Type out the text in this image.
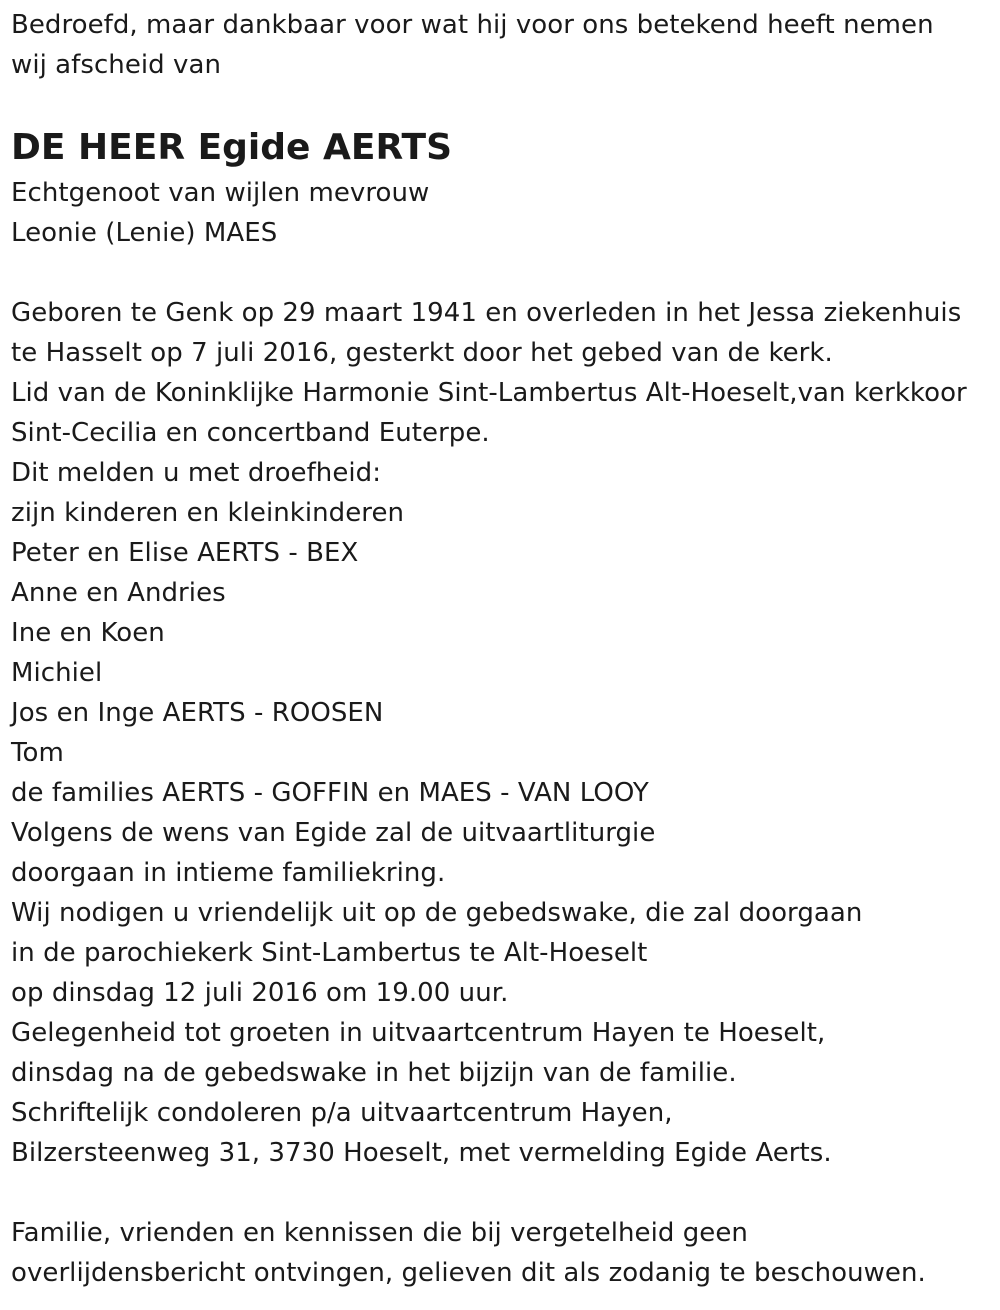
Bedroefd, maar dankbaar voor wat hij voor ons betekend heeft nemen
wij afscheid van
DE HEER Egide AERTS
Echtgenoot van wijlen mevrouw
Leonie (Lenie) MAES
Geboren te Genk op 29 maart 1941 en overleden in het Jessa ziekenhuis
te Hasselt op 7 juli 2016, gesterkt door het gebed van de kerk.
Lid van de Koninklijke Harmonie Sint-Lambertus Alt-Hoeselt,van kerkkoor
Sint-Cecilia en concertband Euterpe.
Dit melden u met droefheid:
zijn kinderen en kleinkinderen
Peter en Elise AERTS - BEX
Anne en Andries
Ine en Koen
Michiel
Jos en Inge AERTS - ROOSEN
Tom
de families AERTS - GOFFIN en MAES - VAN LOOY
Volgens de wens van Egide zal de uitvaartliturgie
doorgaan in intieme familiekring.
Wij nodigen u vriendelijk uit op de gebedswake, die zal doorgaan
in de parochiekerk Sint-Lambertus te Alt-Hoeselt
op dinsdag 12 juli 2016 om 19.00 uur.
Gelegenheid tot groeten in uitvaartcentrum Hayen te Hoeselt,
dinsdag na de gebedswake in het bijzijn van de familie.
Schriftelijk condoleren p/a uitvaartcentrum Hayen,
Bilzersteenweg 31, 3730 Hoeselt, met vermelding Egide Aerts.
Familie, vrienden en kennissen die bij vergetelheid geen
overlijdensbericht ontvingen, gelieven dit als zodanig te beschouwen.
